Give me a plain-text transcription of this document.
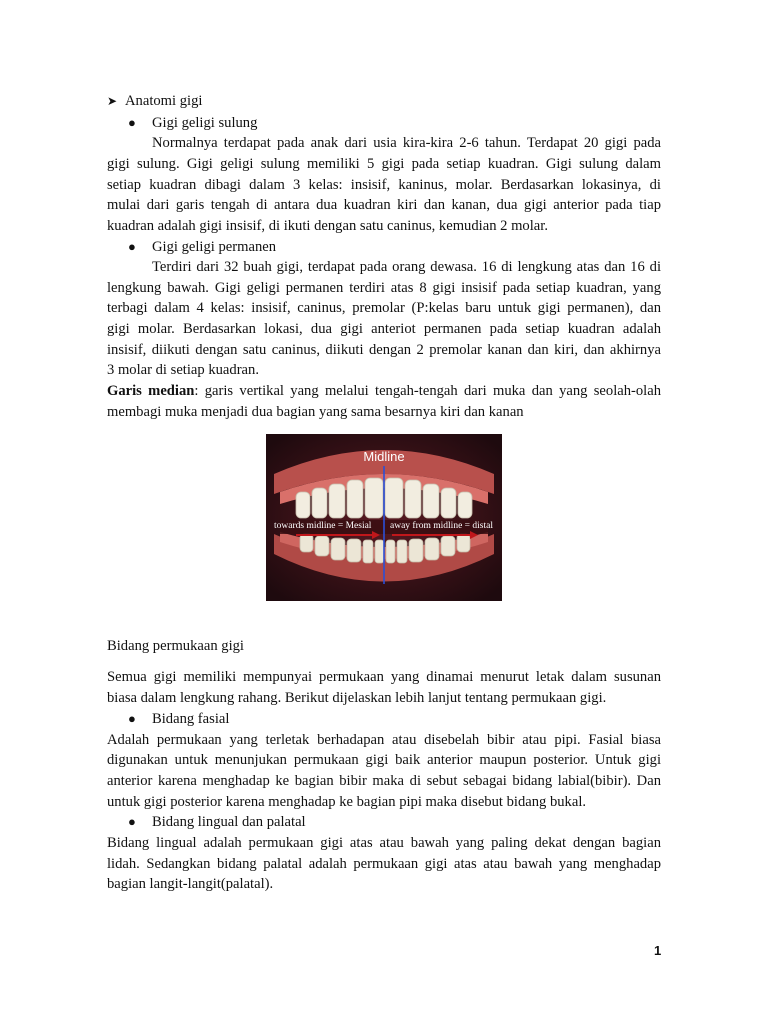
➤ Anatomi gigi
● Gigi geligi sulung
Normalnya terdapat pada anak dari usia kira-kira 2-6 tahun. Terdapat 20 gigi pada
gigi sulung. Gigi geligi sulung memiliki 5 gigi pada setiap kuadran. Gigi sulung dalam
setiap kuadran dibagi dalam 3 kelas: insisif, kaninus, molar. Berdasarkan lokasinya, di
mulai dari garis tengah di antara dua kuadran kiri dan kanan, dua gigi anterior pada tiap
kuadran adalah gigi insisif, di ikuti dengan satu caninus, kemudian 2 molar.
● Gigi geligi permanen
Terdiri dari 32 buah gigi, terdapat pada orang dewasa. 16 di lengkung atas dan 16 di
lengkung bawah. Gigi geligi permanen terdiri atas 8 gigi insisif pada setiap kuadran, yang
terbagi dalam 4 kelas: insisif, caninus, premolar (P:kelas baru untuk gigi permanen), dan
gigi molar. Berdasarkan lokasi, dua gigi anteriot permanen pada setiap kuadran adalah
insisif, diikuti dengan satu caninus, diikuti dengan 2 premolar kanan dan kiri, dan akhirnya
3 molar di setiap kuadran.
Garis median: garis vertikal yang melalui tengah-tengah dari muka dan yang seolah-olah
membagi muka menjadi dua bagian yang sama besarnya kiri dan kanan
Midline
towards midline = Mesial away from midline = distal
Bidang permukaan gigi
Semua gigi memiliki mempunyai permukaan yang dinamai menurut letak dalam susunan
biasa dalam lengkung rahang. Berikut dijelaskan lebih lanjut tentang permukaan gigi.
● Bidang fasial
Adalah permukaan yang terletak berhadapan atau disebelah bibir atau pipi. Fasial biasa
digunakan untuk menunjukan permukaan gigi baik anterior maupun posterior. Untuk gigi
anterior karena menghadap ke bagian bibir maka di sebut sebagai bidang labial(bibir). Dan
untuk gigi posterior karena menghadap ke bagian pipi maka disebut bidang bukal.
● Bidang lingual dan palatal
Bidang lingual adalah permukaan gigi atas atau bawah yang paling dekat dengan bagian
lidah. Sedangkan bidang palatal adalah permukaan gigi atas atau bawah yang menghadap
bagian langit-langit(palatal).
1
